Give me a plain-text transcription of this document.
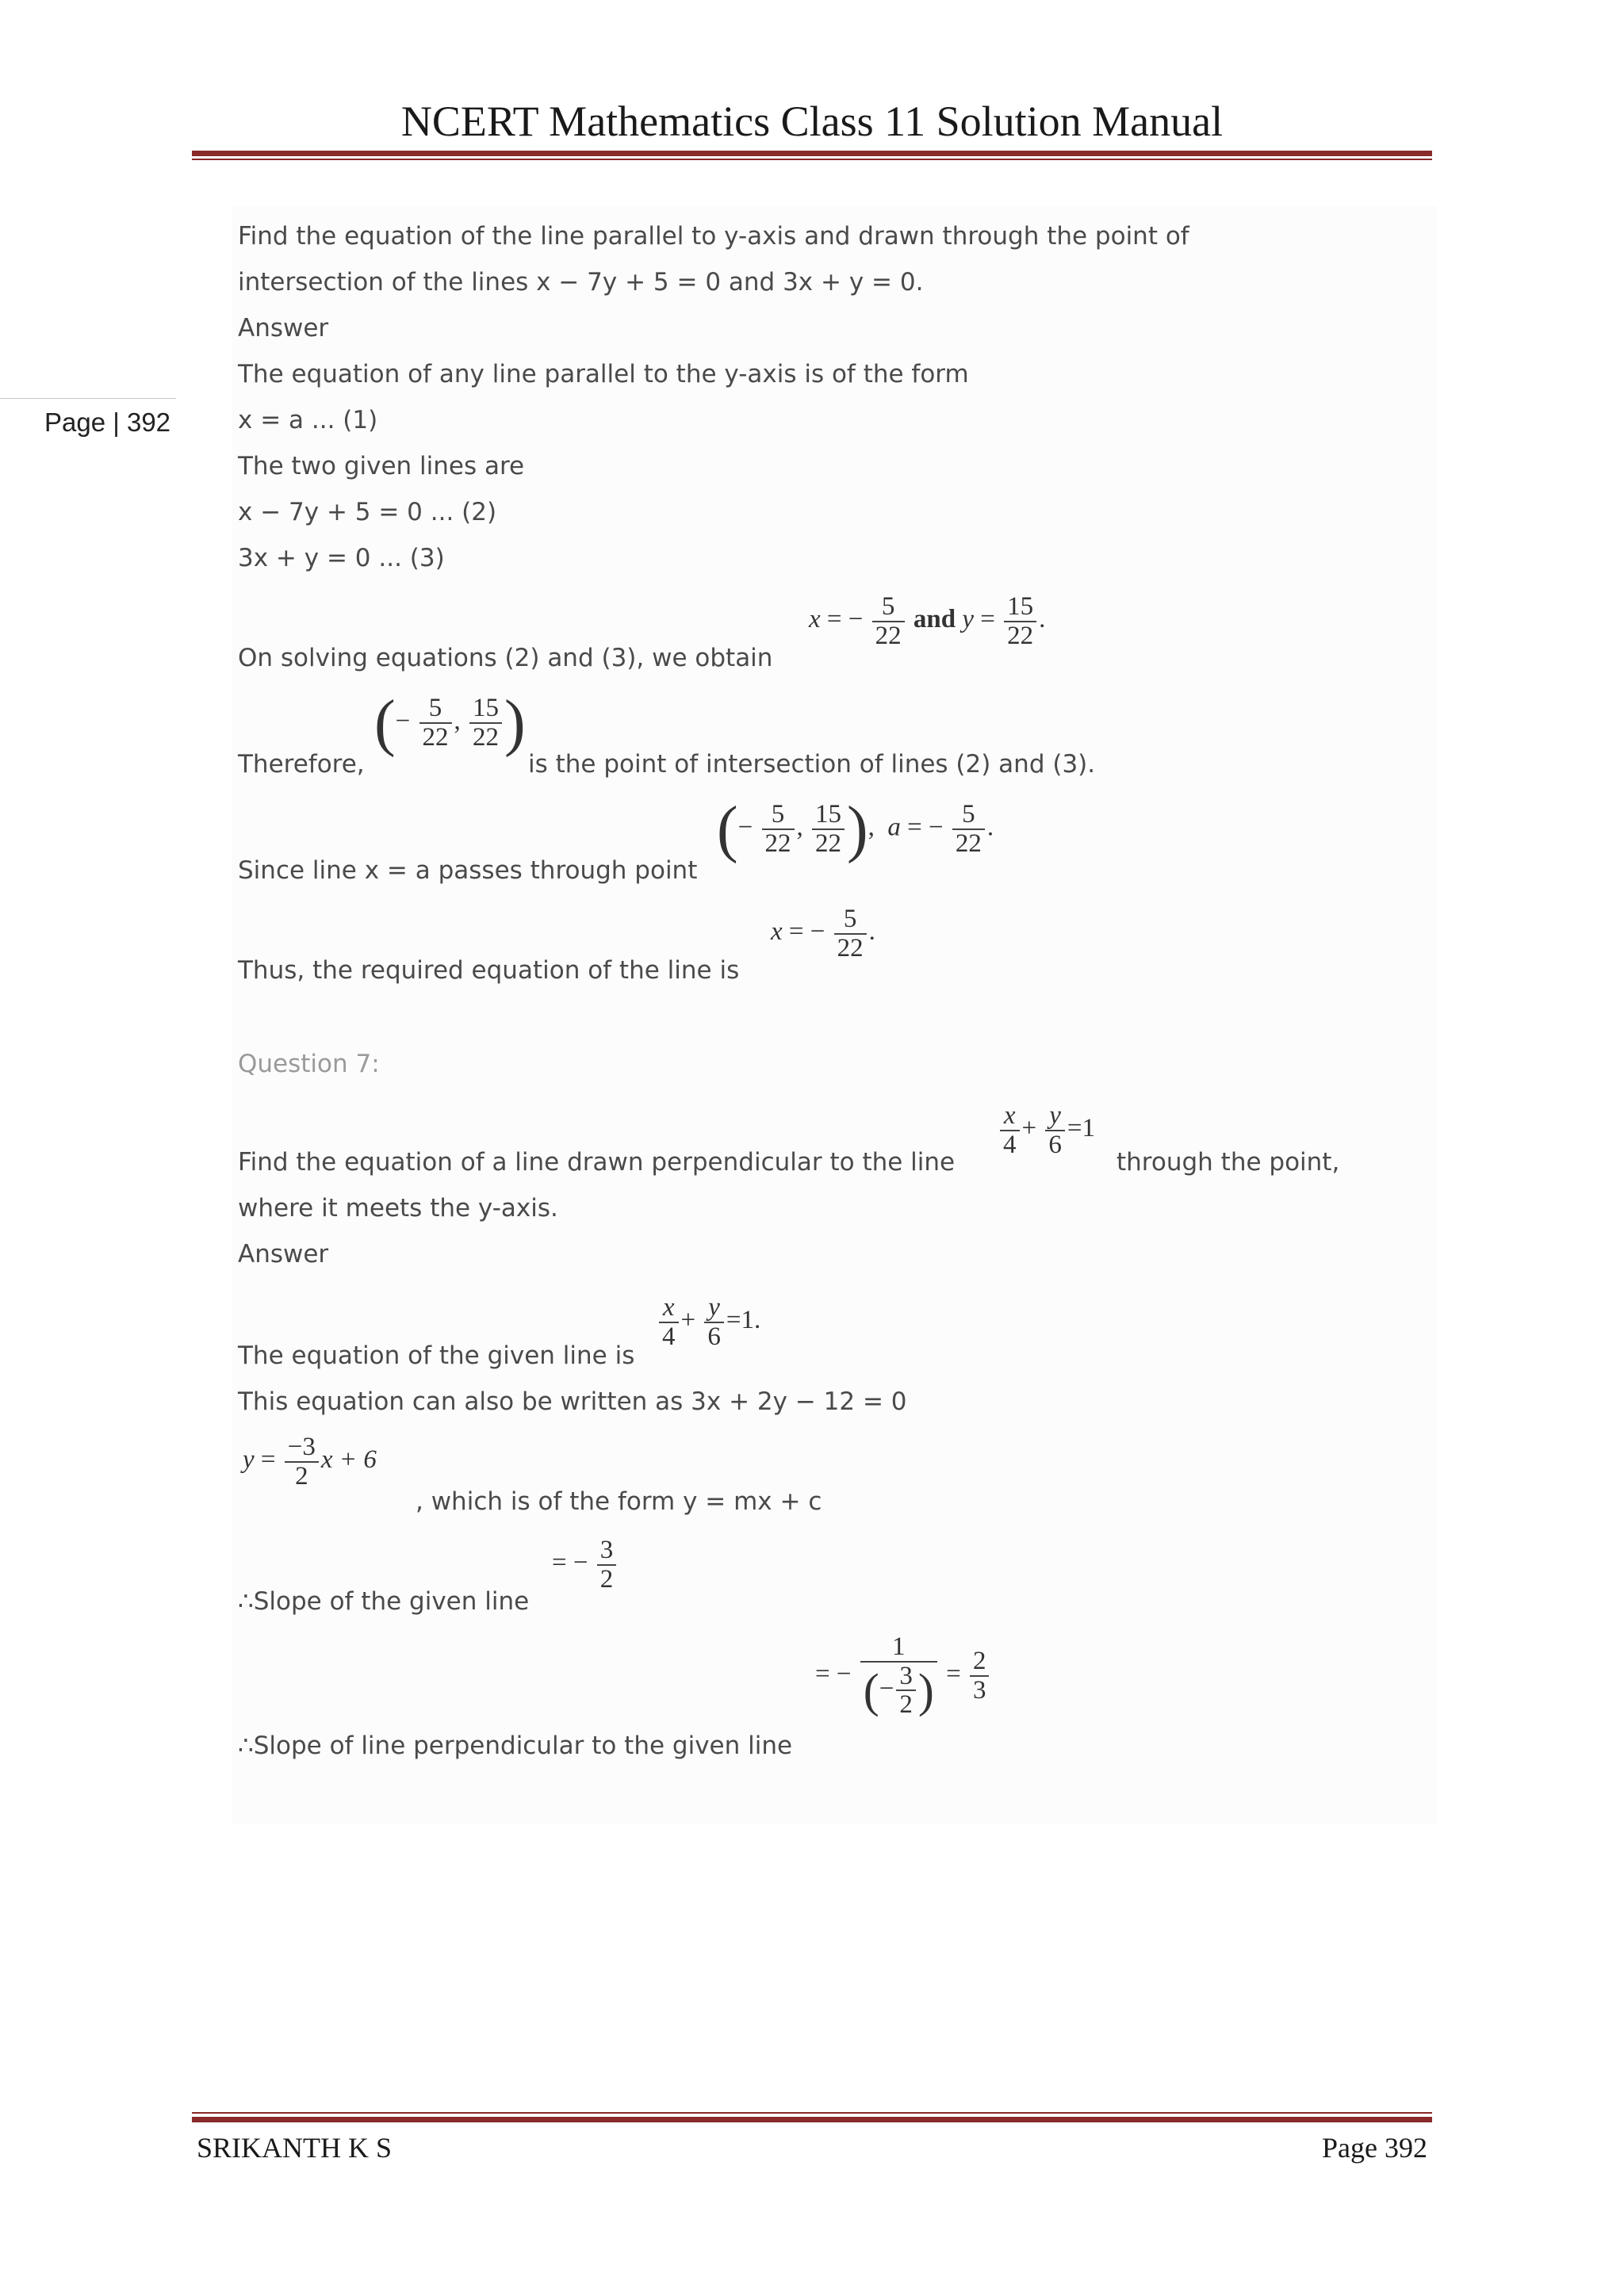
NCERT Mathematics Class 11 Solution Manual
Page | 392
Find the equation of the line parallel to y-axis and drawn through the point of
intersection of the lines x − 7y + 5 = 0 and 3x + y = 0.
Answer
The equation of any line parallel to the y-axis is of the form
x = a ... (1)
The two given lines are
x − 7y + 5 = 0 ... (2)
3x + y = 0 ... (3)
On solving equations (2) and (3), we obtain
x = − $\frac{5}{22}$ and $y = \frac{15}{22}$ .
Therefore,
(− $\frac{5}{22}$ , $\frac{15}{22}$ )
is the point of intersection of lines (2) and (3).
Since line x = a passes through point
(− $\frac{5}{22}$ , $\frac{15}{22}$ ), a = − $\frac{5}{22}$ .
Thus, the required equation of the line is
x = − $\frac{5}{22}$ .
Question 7:
Find the equation of a line drawn perpendicular to the line
$\frac{x}{4} + \frac{y}{6} =1$
through the point,
where it meets the y-axis.
Answer
The equation of the given line is
$\frac{x}{4} + \frac{y}{6} =1$.
This equation can also be written as 3x + 2y − 12 = 0
$y = \frac{-3}{2}$ x + 6
, which is of the form y = mx + c
∴Slope of the given line
= − $\frac{3}{2}$
∴Slope of line perpendicular to the given line
= − $\frac{1}{(- \frac{3}{2} )} = \frac{2}{3}$
SRIKANTH K S	Page 392
